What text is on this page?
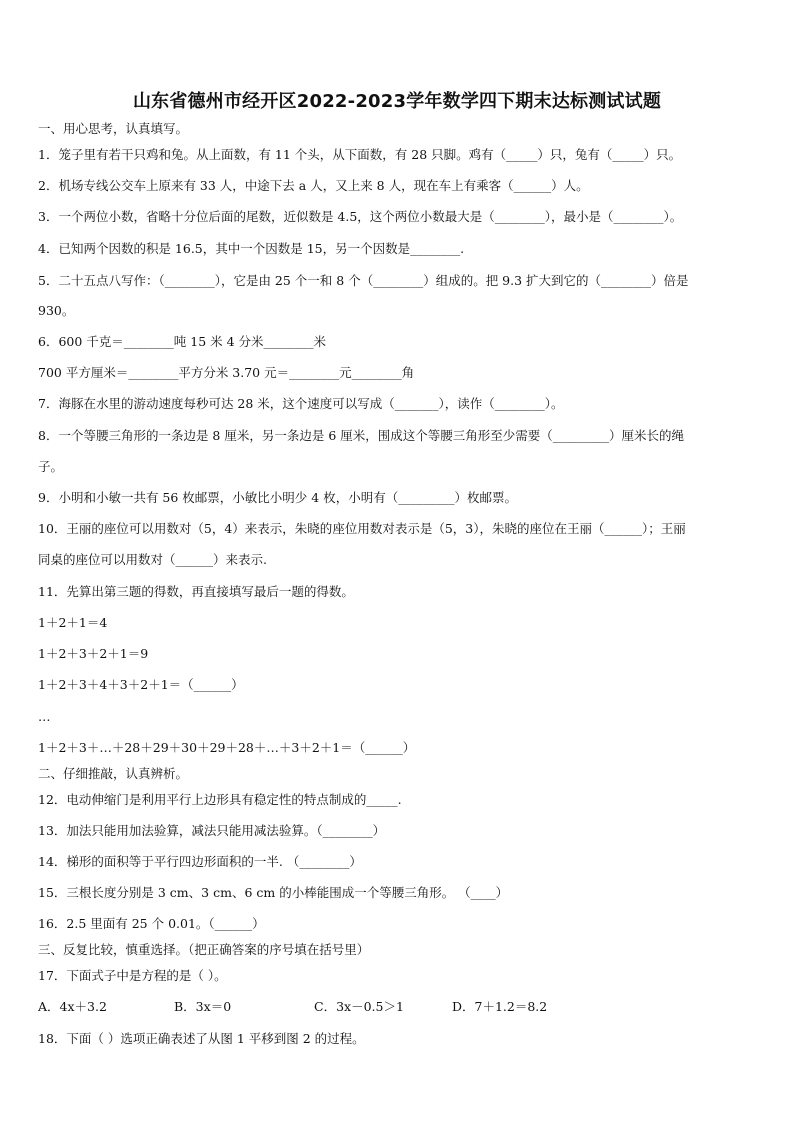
山东省德州市经开区2022-2023学年数学四下期末达标测试试题
一、用心思考，认真填写。
1．笼子里有若干只鸡和兔。从上面数，有 11 个头，从下面数，有 28 只脚。鸡有（_____）只，兔有（_____）只。
2．机场专线公交车上原来有 33 人，中途下去 a 人，又上来 8 人，现在车上有乘客（______）人。
3．一个两位小数，省略十分位后面的尾数，近似数是 4.5，这个两位小数最大是（________），最小是（________）。
4．已知两个因数的积是 16.5，其中一个因数是 15，另一个因数是________.
5．二十五点八写作：（________），它是由 25 个一和 8 个（________）组成的。把 9.3 扩大到它的（________）倍是
930。
6．600 千克＝________吨 15 米 4 分米________米
700 平方厘米＝________平方分米 3.70 元＝________元________角
7．海豚在水里的游动速度每秒可达 28 米，这个速度可以写成（_______），读作（________）。
8．一个等腰三角形的一条边是 8 厘米，另一条边是 6 厘米，围成这个等腰三角形至少需要（_________）厘米长的绳
子。
9．小明和小敏一共有 56 枚邮票，小敏比小明少 4 枚，小明有（_________）枚邮票。
10．王丽的座位可以用数对（5，4）来表示，朱晓的座位用数对表示是（5，3），朱晓的座位在王丽（______）；王丽
同桌的座位可以用数对（______）来表示.
11．先算出第三题的得数，再直接填写最后一题的得数。
1＋2＋1＝4
1＋2＋3＋2＋1＝9
1＋2＋3＋4＋3＋2＋1＝（______）
…
1＋2＋3＋…＋28＋29＋30＋29＋28＋…＋3＋2＋1＝（______）
二、仔细推敲，认真辨析。
12．电动伸缩门是利用平行上边形具有稳定性的特点制成的_____.
13．加法只能用加法验算，减法只能用减法验算。（________）
14．梯形的面积等于平行四边形面积的一半. （________）
15．三根长度分别是 3 cm、3 cm、6 cm 的小棒能围成一个等腰三角形。 （____）
16．2.5 里面有 25 个 0.01。（______）
三、反复比较，慎重选择。（把正确答案的序号填在括号里）
17．下面式子中是方程的是（ ）。
A．4x＋3.2	B．3x＝0	C．3x－0.5＞1	D．7＋1.2＝8.2
18．下面（ ）选项正确表述了从图 1 平移到图 2 的过程。
